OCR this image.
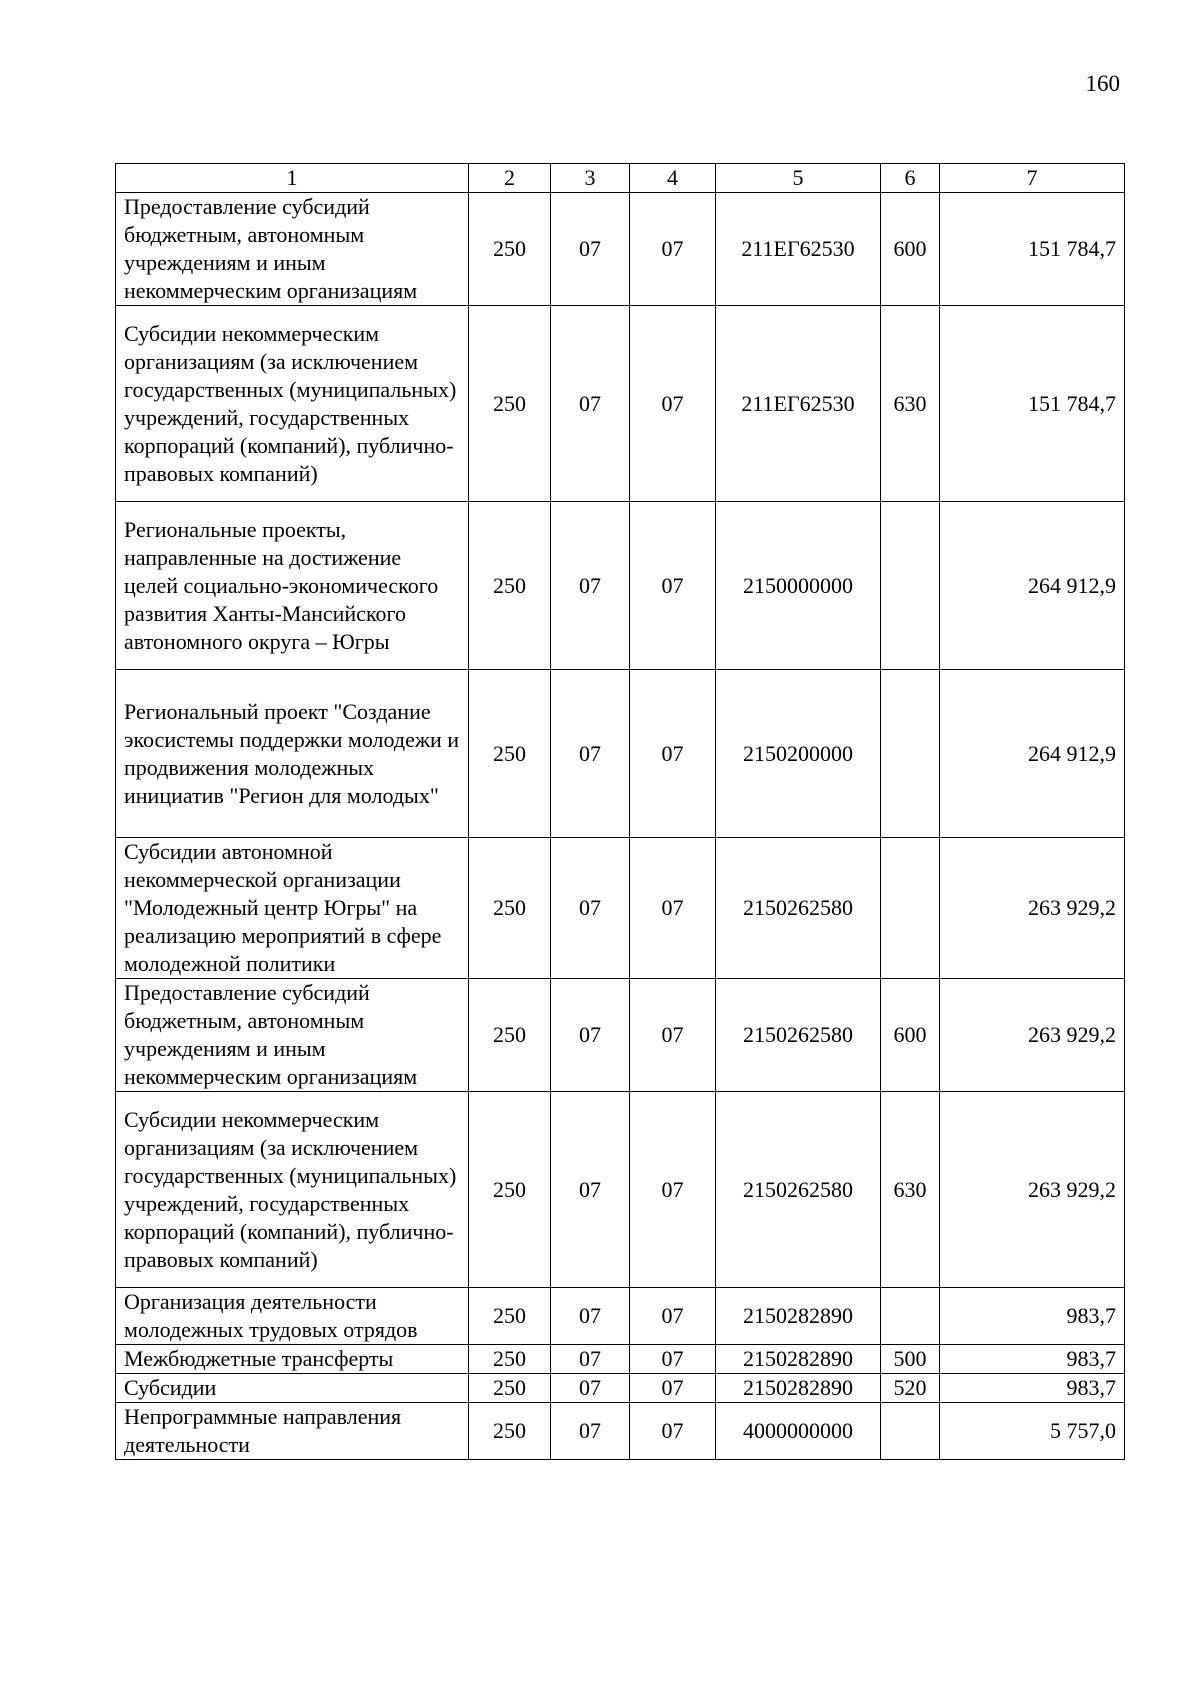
160
1	2	3	4	5	6	7
Предоставление субсидий бюджетным, автономным учреждениям и иным некоммерческим организациям	250	07	07	211ЕГ62530	600	151 784,7
Субсидии некоммерческим организациям (за исключением государственных (муниципальных) учреждений, государственных корпораций (компаний), публично-правовых компаний)	250	07	07	211ЕГ62530	630	151 784,7
Региональные проекты, направленные на достижение целей социально-экономического развития Ханты-Мансийского автономного округа – Югры	250	07	07	2150000000		264 912,9
Региональный проект "Создание экосистемы поддержки молодежи и продвижения молодежных инициатив "Регион для молодых"	250	07	07	2150200000		264 912,9
Субсидии автономной некоммерческой организации "Молодежный центр Югры" на реализацию мероприятий в сфере молодежной политики	250	07	07	2150262580		263 929,2
Предоставление субсидий бюджетным, автономным учреждениям и иным некоммерческим организациям	250	07	07	2150262580	600	263 929,2
Субсидии некоммерческим организациям (за исключением государственных (муниципальных) учреждений, государственных корпораций (компаний), публично-правовых компаний)	250	07	07	2150262580	630	263 929,2
Организация деятельности молодежных трудовых отрядов	250	07	07	2150282890		983,7
Межбюджетные трансферты	250	07	07	2150282890	500	983,7
Субсидии	250	07	07	2150282890	520	983,7
Непрограммные направления деятельности	250	07	07	4000000000		5 757,0
